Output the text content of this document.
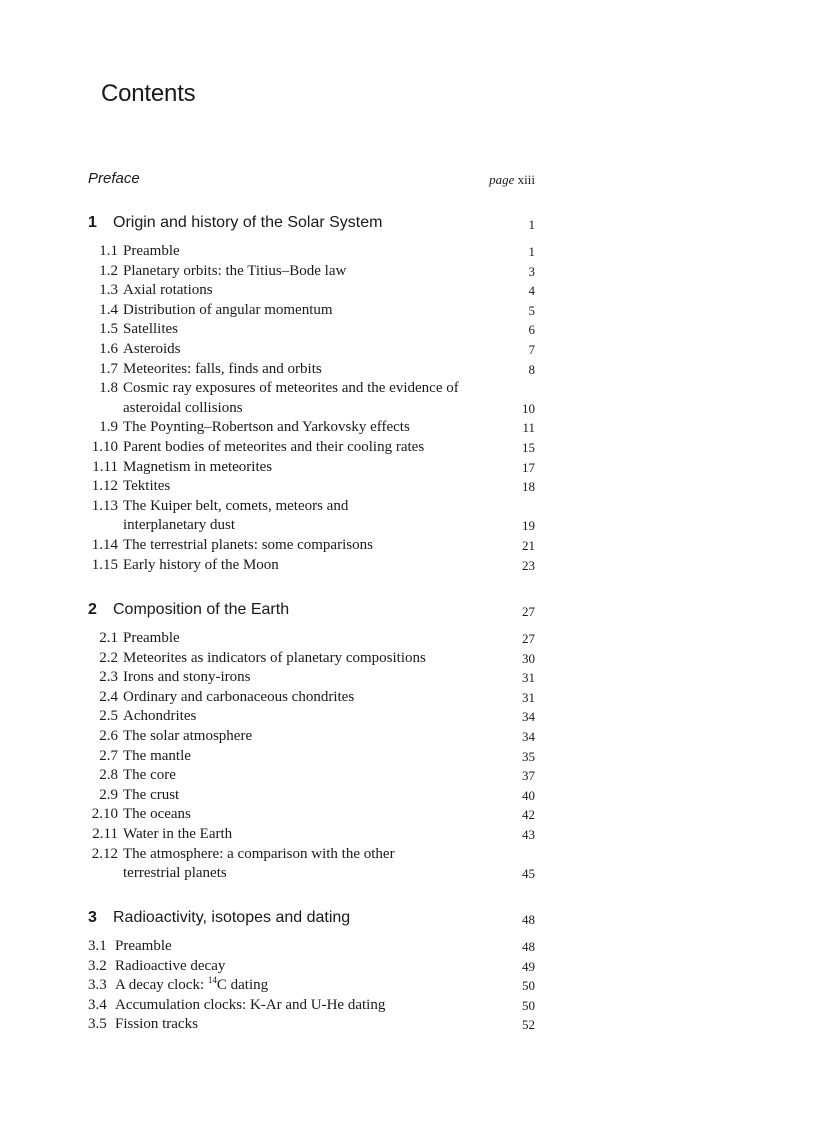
Contents
Preface	page xiii
1 Origin and history of the Solar System	1
1.1 Preamble	1
1.2 Planetary orbits: the Titius–Bode law	3
1.3 Axial rotations	4
1.4 Distribution of angular momentum	5
1.5 Satellites	6
1.6 Asteroids	7
1.7 Meteorites: falls, finds and orbits	8
1.8 Cosmic ray exposures of meteorites and the evidence of asteroidal collisions	10
1.9 The Poynting–Robertson and Yarkovsky effects	11
1.10 Parent bodies of meteorites and their cooling rates	15
1.11 Magnetism in meteorites	17
1.12 Tektites	18
1.13 The Kuiper belt, comets, meteors and interplanetary dust	19
1.14 The terrestrial planets: some comparisons	21
1.15 Early history of the Moon	23
2 Composition of the Earth	27
2.1 Preamble	27
2.2 Meteorites as indicators of planetary compositions	30
2.3 Irons and stony-irons	31
2.4 Ordinary and carbonaceous chondrites	31
2.5 Achondrites	34
2.6 The solar atmosphere	34
2.7 The mantle	35
2.8 The core	37
2.9 The crust	40
2.10 The oceans	42
2.11 Water in the Earth	43
2.12 The atmosphere: a comparison with the other terrestrial planets	45
3 Radioactivity, isotopes and dating	48
3.1 Preamble	48
3.2 Radioactive decay	49
3.3 A decay clock: $^{14}$C dating	50
3.4 Accumulation clocks: K-Ar and U-He dating	50
3.5 Fission tracks	52
